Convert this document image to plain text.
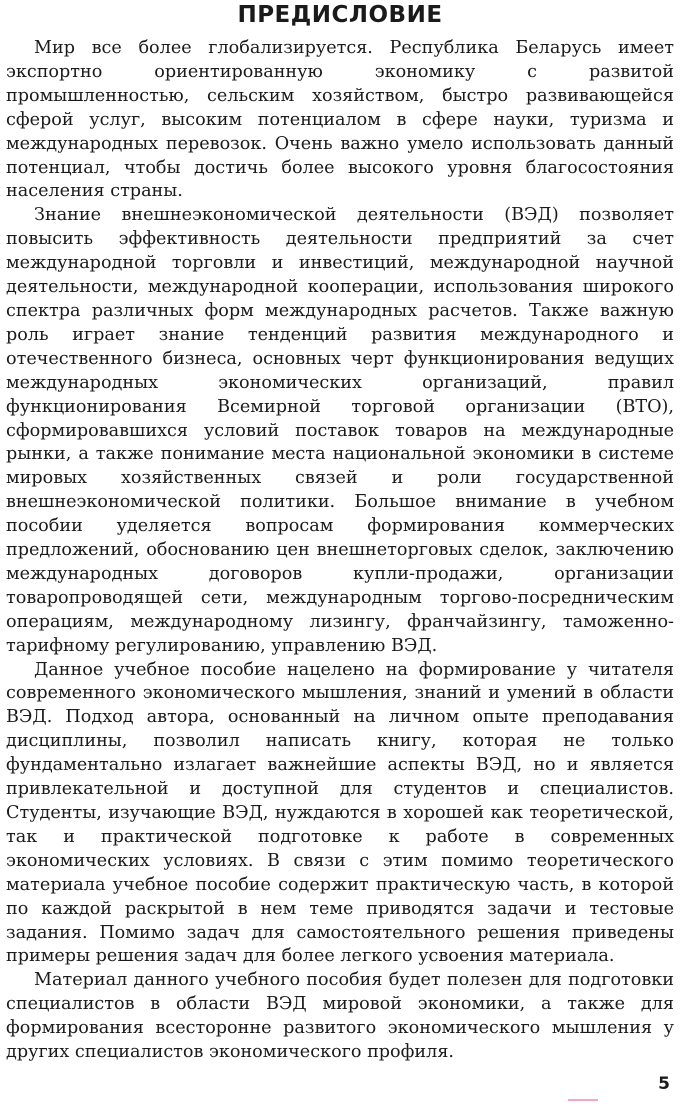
ПРЕДИСЛОВИЕ

Мир все более глобализируется. Республика Беларусь имеет экспортно ориентированную экономику с развитой промышленностью, сельским хозяйством, быстро развивающейся сферой услуг, высоким потенциалом в сфере науки, туризма и международных перевозок. Очень важно умело использовать данный потенциал, чтобы достичь более высокого уровня благосостояния населения страны.

Знание внешнеэкономической деятельности (ВЭД) позволяет повысить эффективность деятельности предприятий за счет международной торговли и инвестиций, международной научной деятельности, международной кооперации, использования широкого спектра различных форм международных расчетов. Также важную роль играет знание тенденций развития международного и отечественного бизнеса, основных черт функционирования ведущих международных экономических организаций, правил функционирования Всемирной торговой организации (ВТО), сформировавшихся условий поставок товаров на международные рынки, а также понимание места национальной экономики в системе мировых хозяйственных связей и роли государственной внешнеэкономической политики. Большое внимание в учебном пособии уделяется вопросам формирования коммерческих предложений, обоснованию цен внешнеторговых сделок, заключению международных договоров купли-продажи, организации товаропроводящей сети, международным торгово-посредническим операциям, международному лизингу, франчайзингу, таможенно-тарифному регулированию, управлению ВЭД.

Данное учебное пособие нацелено на формирование у читателя современного экономического мышления, знаний и умений в области ВЭД. Подход автора, основанный на личном опыте преподавания дисциплины, позволил написать книгу, которая не только фундаментально излагает важнейшие аспекты ВЭД, но и является привлекательной и доступной для студентов и специалистов. Студенты, изучающие ВЭД, нуждаются в хорошей как теоретической, так и практической подготовке к работе в современных экономических условиях. В связи с этим помимо теоретического материала учебное пособие содержит практическую часть, в которой по каждой раскрытой в нем теме приводятся задачи и тестовые задания. Помимо задач для самостоятельного решения приведены примеры решения задач для более легкого усвоения материала.

Материал данного учебного пособия будет полезен для подготовки специалистов в области ВЭД мировой экономики, а также для формирования всесторонне развитого экономического мышления у других специалистов экономического профиля.

5
